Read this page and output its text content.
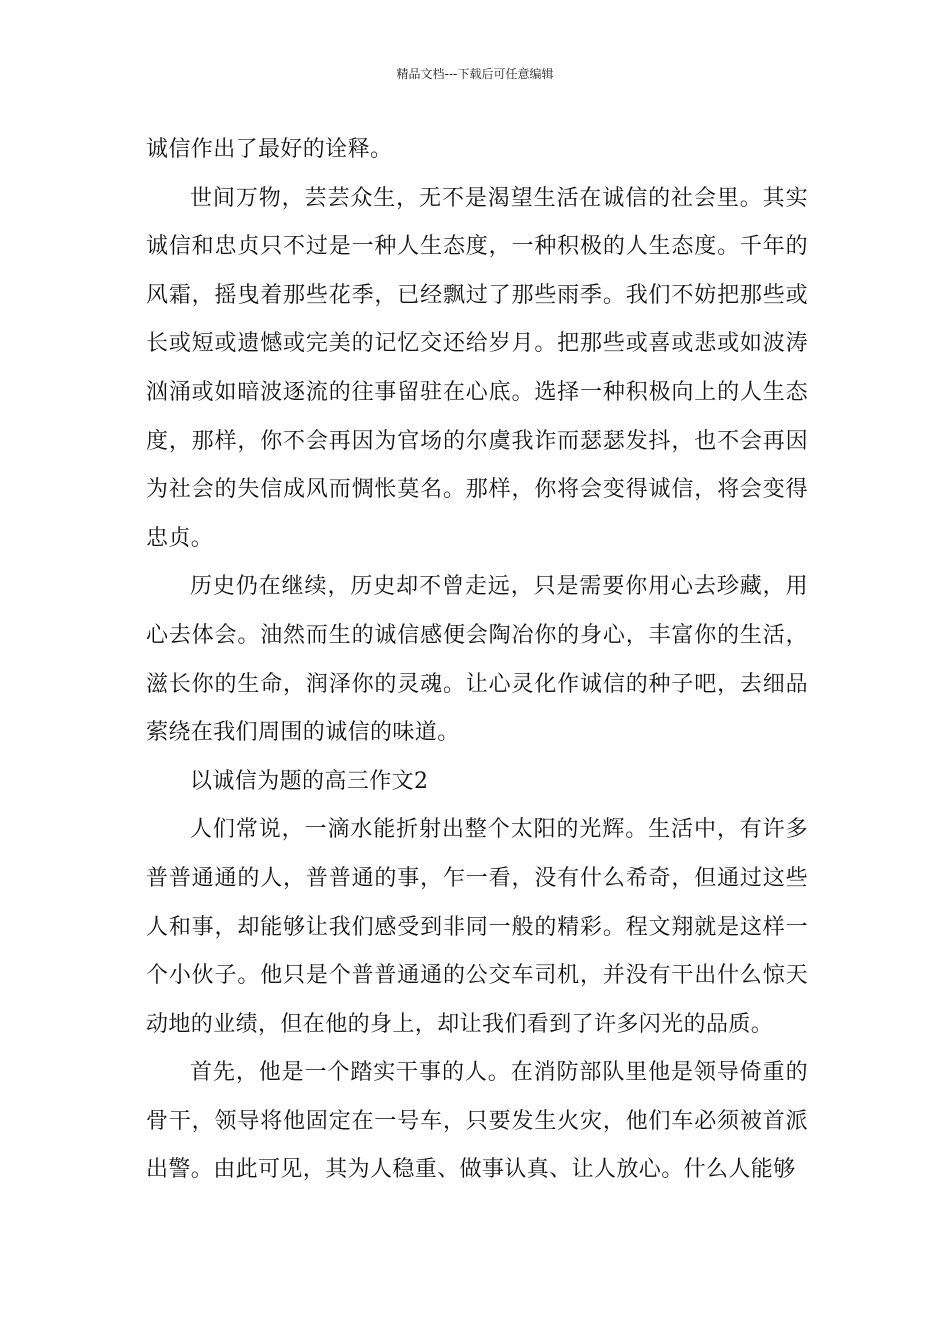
精品文档---下载后可任意编辑

诚信作出了最好的诠释。

世间万物，芸芸众生，无不是渴望生活在诚信的社会里。其实诚信和忠贞只不过是一种人生态度，一种积极的人生态度。千年的风霜，摇曳着那些花季，已经飘过了那些雨季。我们不妨把那些或长或短或遗憾或完美的记忆交还给岁月。把那些或喜或悲或如波涛汹涌或如暗波逐流的往事留驻在心底。选择一种积极向上的人生态度，那样，你不会再因为官场的尔虞我诈而瑟瑟发抖，也不会再因为社会的失信成风而惆怅莫名。那样，你将会变得诚信，将会变得忠贞。

历史仍在继续，历史却不曾走远，只是需要你用心去珍藏，用心去体会。油然而生的诚信感便会陶冶你的身心，丰富你的生活，滋长你的生命，润泽你的灵魂。让心灵化作诚信的种子吧，去细品萦绕在我们周围的诚信的味道。

以诚信为题的高三作文2

人们常说，一滴水能折射出整个太阳的光辉。生活中，有许多普普通通的人，普普通的事，乍一看，没有什么希奇，但通过这些人和事，却能够让我们感受到非同一般的精彩。程文翔就是这样一个小伙子。他只是个普普通通的公交车司机，并没有干出什么惊天动地的业绩，但在他的身上，却让我们看到了许多闪光的品质。

首先，他是一个踏实干事的人。在消防部队里他是领导倚重的骨干，领导将他固定在一号车，只要发生火灾，他们车必须被首派出警。由此可见，其为人稳重、做事认真、让人放心。什么人能够
